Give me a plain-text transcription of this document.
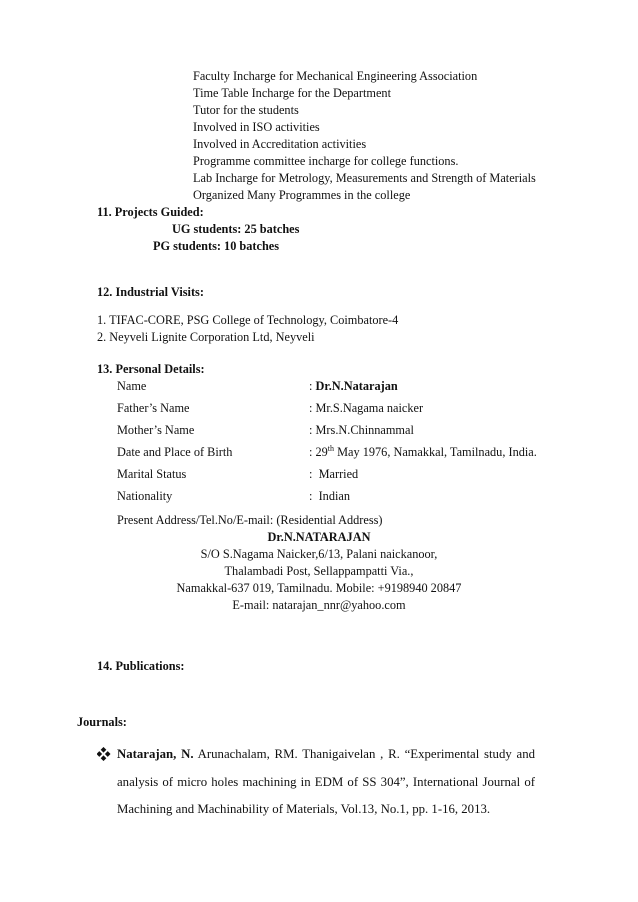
Faculty Incharge for Mechanical Engineering Association
Time Table Incharge for the Department
Tutor for the students
Involved in ISO activities
Involved in Accreditation activities
Programme committee incharge for college functions.
Lab Incharge for Metrology, Measurements and Strength of Materials
Organized Many Programmes in the college
11. Projects Guided:
UG students: 25 batches
PG students: 10 batches
12. Industrial Visits:
1. TIFAC-CORE, PSG College of Technology, Coimbatore-4
2. Neyveli Lignite Corporation Ltd, Neyveli
13. Personal Details:
Name	: Dr.N.Natarajan
Father’s Name	: Mr.S.Nagama naicker
Mother’s Name	: Mrs.N.Chinnammal
Date and Place of Birth	: 29th May 1976, Namakkal, Tamilnadu, India.
Marital Status	:  Married
Nationality	:  Indian
Present Address/Tel.No/E-mail: (Residential Address)
Dr.N.NATARAJAN
S/O S.Nagama Naicker,6/13, Palani naickanoor,
Thalambadi Post, Sellappampatti Via.,
Namakkal-637 019, Tamilnadu. Mobile: +9198940 20847
E-mail: natarajan_nnr@yahoo.com
14. Publications:
Journals:
Natarajan, N. Arunachalam, RM. Thanigaivelan , R. “Experimental study and analysis of micro holes machining in EDM of SS 304”, International Journal of Machining and Machinability of Materials, Vol.13, No.1, pp. 1-16, 2013.
